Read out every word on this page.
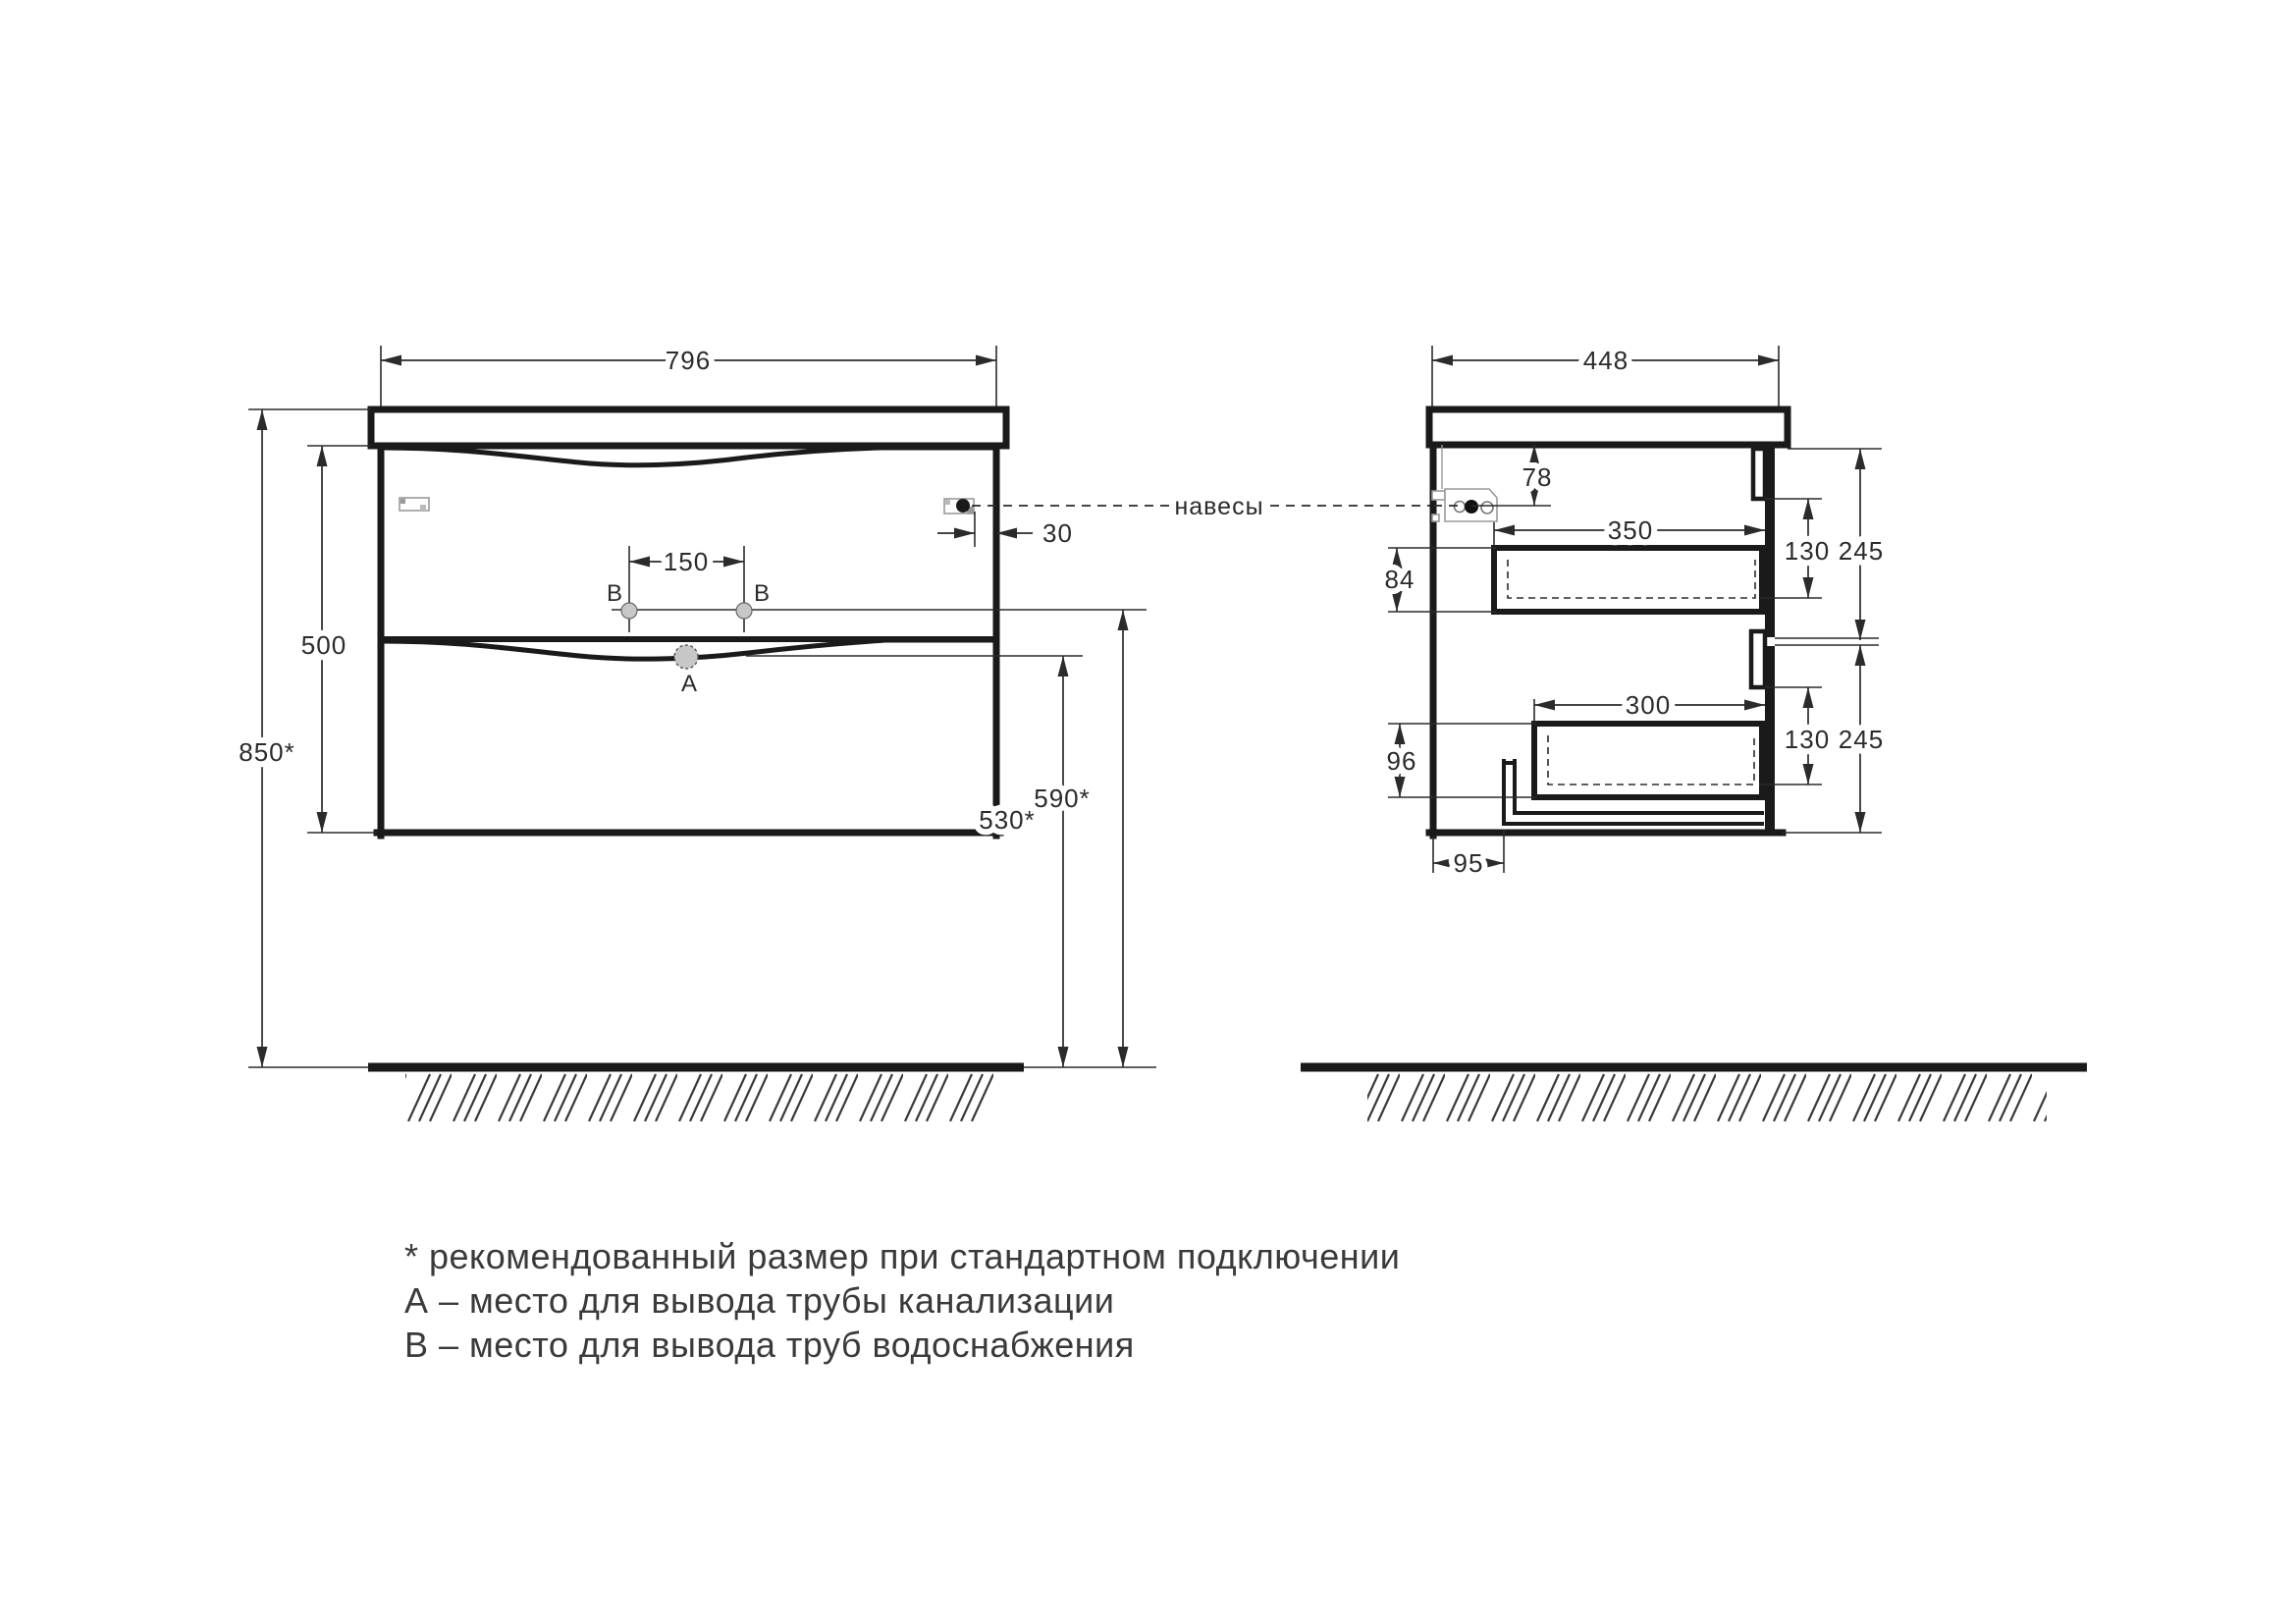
796
30
150
В	В
А
850*
500
530*
590*
навесы
448
78
350
84
96
300
95
130 245
130 245
* рекомендованный размер при стандартном подключении
А – место для вывода трубы канализации
В – место для вывода труб водоснабжения
